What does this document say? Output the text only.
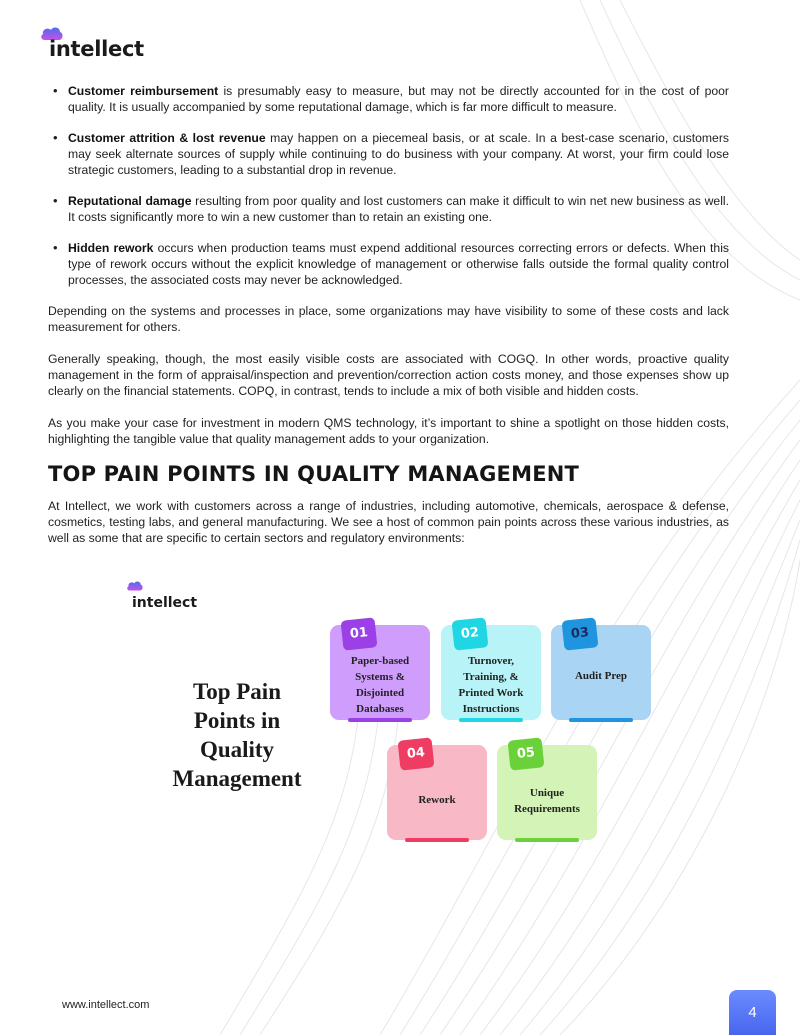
intellect
• Customer reimbursement is presumably easy to measure, but may not be directly accounted for in the cost of poor quality. It is usually accompanied by some reputational damage, which is far more difficult to measure.
• Customer attrition & lost revenue may happen on a piecemeal basis, or at scale. In a best-case scenario, customers may seek alternate sources of supply while continuing to do business with your company. At worst, your firm could lose strategic customers, leading to a substantial drop in revenue.
• Reputational damage resulting from poor quality and lost customers can make it difficult to win net new business as well. It costs significantly more to win a new customer than to retain an existing one.
• Hidden rework occurs when production teams must expend additional resources correcting errors or defects. When this type of rework occurs without the explicit knowledge of management or otherwise falls outside the formal quality control processes, the associated costs may never be acknowledged.

Depending on the systems and processes in place, some organizations may have visibility to some of these costs and lack measurement for others.

Generally speaking, though, the most easily visible costs are associated with COGQ. In other words, proactive quality management in the form of appraisal/inspection and prevention/correction action costs money, and those expenses show up clearly on the financial statements. COPQ, in contrast, tends to include a mix of both visible and hidden costs.

As you make your case for investment in modern QMS technology, it’s important to shine a spotlight on those hidden costs, highlighting the tangible value that quality management adds to your organization.

TOP PAIN POINTS IN QUALITY MANAGEMENT

At Intellect, we work with customers across a range of industries, including automotive, chemicals, aerospace & defense, cosmetics, testing labs, and general manufacturing. We see a host of common pain points across these various industries, as well as some that are specific to certain sectors and regulatory environments:

intellect
Top Pain
Points in
Quality
Management
01
Paper-based
Systems &
Disjointed
Databases
02
Turnover,
Training, &
Printed Work
Instructions
03
Audit Prep
04
Rework
05
Unique
Requirements
www.intellect.com	4
